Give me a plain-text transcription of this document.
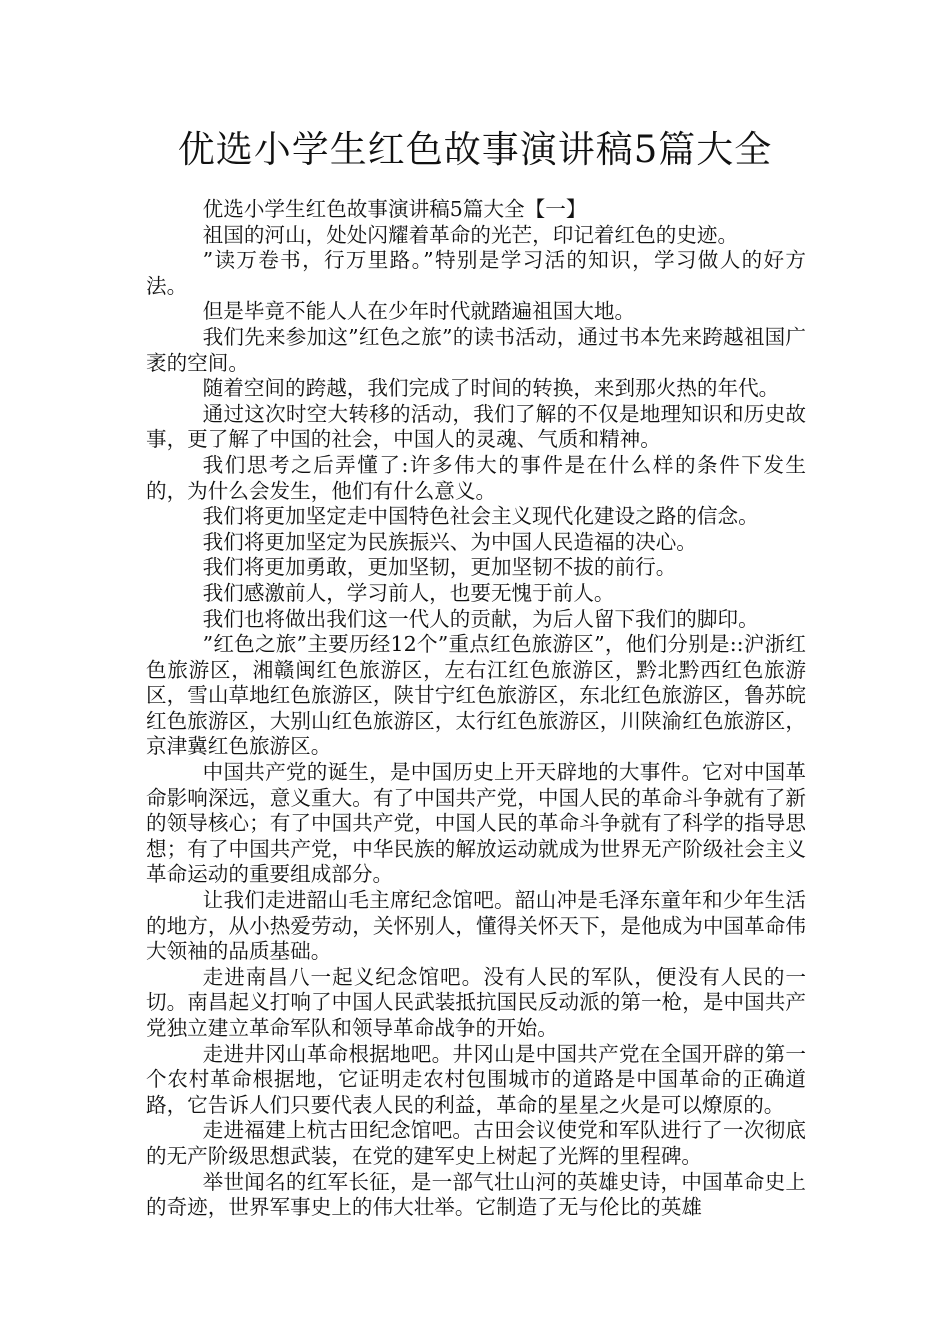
优选小学生红色故事演讲稿5篇大全

优选小学生红色故事演讲稿5篇大全【一】

祖国的河山，处处闪耀着革命的光芒，印记着红色的史迹。

”读万卷书，行万里路。”特别是学习活的知识，学习做人的好方法。

但是毕竟不能人人在少年时代就踏遍祖国大地。

我们先来参加这”红色之旅”的读书活动，通过书本先来跨越祖国广袤的空间。

随着空间的跨越，我们完成了时间的转换，来到那火热的年代。

通过这次时空大转移的活动，我们了解的不仅是地理知识和历史故事，更了解了中国的社会，中国人的灵魂、气质和精神。

我们思考之后弄懂了:许多伟大的事件是在什么样的条件下发生的，为什么会发生，他们有什么意义。

我们将更加坚定走中国特色社会主义现代化建设之路的信念。

我们将更加坚定为民族振兴、为中国人民造福的决心。

我们将更加勇敢，更加坚韧，更加坚韧不拔的前行。

我们感激前人，学习前人，也要无愧于前人。

我们也将做出我们这一代人的贡献，为后人留下我们的脚印。

”红色之旅”主要历经12个”重点红色旅游区”，他们分别是::沪浙红色旅游区，湘赣闽红色旅游区，左右江红色旅游区，黔北黔西红色旅游区，雪山草地红色旅游区，陕甘宁红色旅游区，东北红色旅游区，鲁苏皖红色旅游区，大别山红色旅游区，太行红色旅游区，川陕渝红色旅游区，京津冀红色旅游区。

中国共产党的诞生，是中国历史上开天辟地的大事件。它对中国革命影响深远，意义重大。有了中国共产党，中国人民的革命斗争就有了新的领导核心；有了中国共产党，中国人民的革命斗争就有了科学的指导思想；有了中国共产党，中华民族的解放运动就成为世界无产阶级社会主义革命运动的重要组成部分。

让我们走进韶山毛主席纪念馆吧。韶山冲是毛泽东童年和少年生活的地方，从小热爱劳动，关怀别人，懂得关怀天下，是他成为中国革命伟大领袖的品质基础。

走进南昌八一起义纪念馆吧。没有人民的军队，便没有人民的一切。南昌起义打响了中国人民武装抵抗国民反动派的第一枪，是中国共产党独立建立革命军队和领导革命战争的开始。

走进井冈山革命根据地吧。井冈山是中国共产党在全国开辟的第一个农村革命根据地，它证明走农村包围城市的道路是中国革命的正确道路，它告诉人们只要代表人民的利益，革命的星星之火是可以燎原的。

走进福建上杭古田纪念馆吧。古田会议使党和军队进行了一次彻底的无产阶级思想武装，在党的建军史上树起了光辉的里程碑。

举世闻名的红军长征，是一部气壮山河的英雄史诗，中国革命史上的奇迹，世界军事史上的伟大壮举。它制造了无与伦比的英雄
